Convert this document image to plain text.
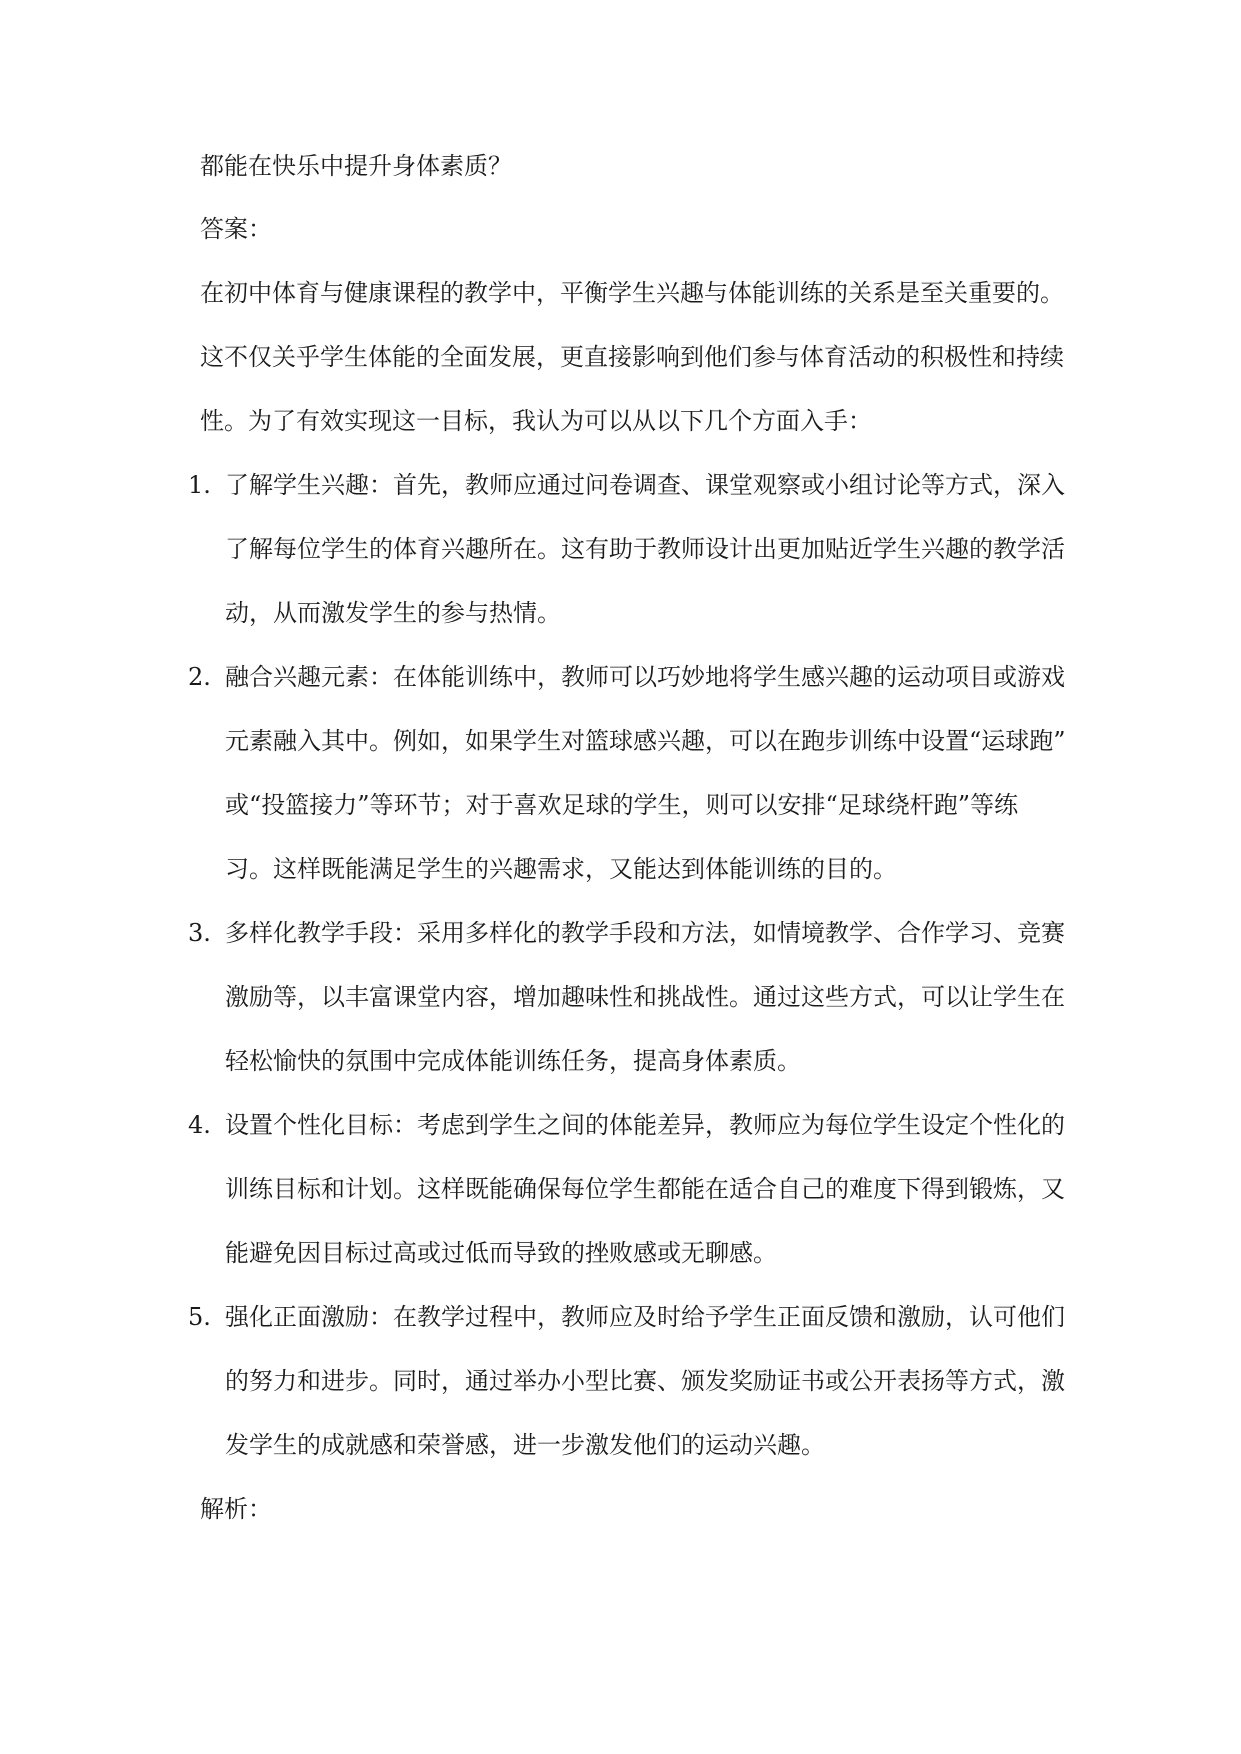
都能在快乐中提升身体素质？
答案：
在初中体育与健康课程的教学中，平衡学生兴趣与体能训练的关系是至关重要的。
这不仅关乎学生体能的全面发展，更直接影响到他们参与体育活动的积极性和持续
性。为了有效实现这一目标，我认为可以从以下几个方面入手：
1. 了解学生兴趣：首先，教师应通过问卷调查、课堂观察或小组讨论等方式，深入
了解每位学生的体育兴趣所在。这有助于教师设计出更加贴近学生兴趣的教学活
动，从而激发学生的参与热情。
2. 融合兴趣元素：在体能训练中，教师可以巧妙地将学生感兴趣的运动项目或游戏
元素融入其中。例如，如果学生对篮球感兴趣，可以在跑步训练中设置“运球跑”
或“投篮接力”等环节；对于喜欢足球的学生，则可以安排“足球绕杆跑”等练
习。这样既能满足学生的兴趣需求，又能达到体能训练的目的。
3. 多样化教学手段：采用多样化的教学手段和方法，如情境教学、合作学习、竞赛
激励等，以丰富课堂内容，增加趣味性和挑战性。通过这些方式，可以让学生在
轻松愉快的氛围中完成体能训练任务，提高身体素质。
4. 设置个性化目标：考虑到学生之间的体能差异，教师应为每位学生设定个性化的
训练目标和计划。这样既能确保每位学生都能在适合自己的难度下得到锻炼，又
能避免因目标过高或过低而导致的挫败感或无聊感。
5. 强化正面激励：在教学过程中，教师应及时给予学生正面反馈和激励，认可他们
的努力和进步。同时，通过举办小型比赛、颁发奖励证书或公开表扬等方式，激
发学生的成就感和荣誉感，进一步激发他们的运动兴趣。
解析：
